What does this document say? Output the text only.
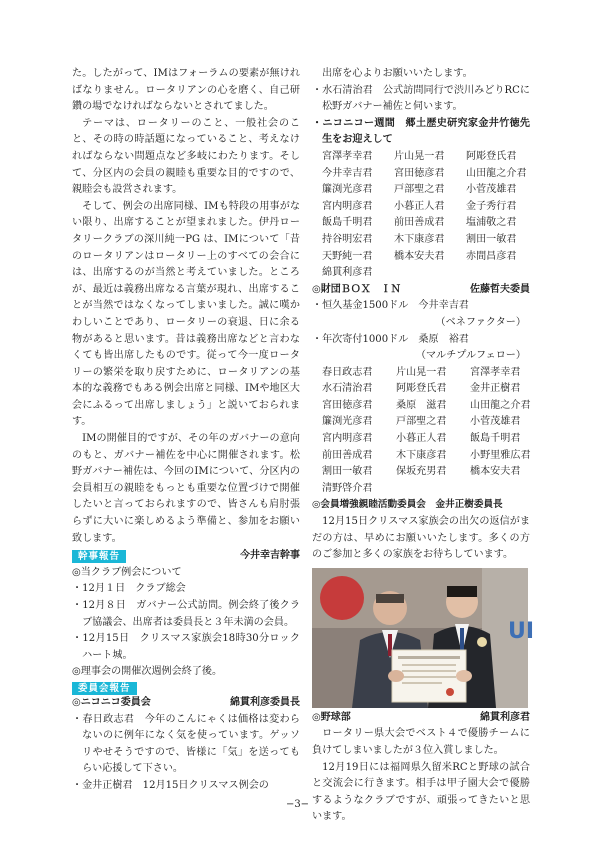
た。したがって、IMはフォーラムの要素が無ければなりません。ロータリアンの心を磨く、自己研鑽の場でなければならないとされてました。
テーマは、ロータリーのこと、一般社会のこと、その時の時話題になっていること、考えなければならない問題点など多岐にわたります。そして、分区内の会員の親睦も重要な目的ですので、親睦会も設営されます。
そして、例会の出席同様、IMも特段の用事がない限り、出席することが望まれました。伊丹ロータリークラブの深川純一PG は、IMについて「昔のロータリアンはロータリー上のすべての会合には、出席するのが当然と考えていました。ところが、最近は義務出席なる言葉が現れ、出席することが当然ではなくなってしまいました。誠に嘆かわしいことであり、ロータリーの衰退、日に余る物があると思います。昔は義務出席などと言わなくても皆出席したものです。従って今一度ロータリーの繁栄を取り戻すために、ロータリアンの基本的な義務でもある例会出席と同様、IMや地区大会にふるって出席しましょう」と説いておられます。
IMの開催目的ですが、その年のガバナーの意向のもと、ガバナー補佐を中心に開催されます。松野ガバナー補佐は、今回のIMについて、分区内の会員相互の親睦をもっとも重要な位置づけで開催したいと言っておられますので、皆さんも肩肘張らずに大いに楽しめるよう準備と、参加をお願い致します。
幹事報告	今井幸吉幹事
◎当クラブ例会について
・12月１日　クラブ総会
・12月８日　ガバナー公式訪問。例会終了後クラブ協議会、出席者は委員長と３年未満の会員。
・12月15日　クリスマス家族会18時30分ロックハート城。
◎理事会の開催次週例会終了後。
委員会報告
◎ニコニコ委員会	綿貫利彦委員長
・春日政志君　今年のこんにゃくは価格は変わらないのに例年になく気を使っています。ゲッソリやせそうですので、皆様に「気」を送ってもらい応援して下さい。
・金井正樹君　12月15日クリスマス例会の
出席を心よりお願いいたします。
・水石清治君　公式訪問同行で渋川みどりRCに松野ガバナー補佐と伺います。
・ニコニコー週間　郷土歴史研究家金井竹徳先生をお迎えして
宮澤孝幸君	片山晃一君	阿彫登氏君
今井幸吉君	宮田徳彦君	山田龍之介君
簾渕光彦君	戸部聖之君	小菅茂雄君
宮内明彦君	小暮正人君	金子秀行君
飯島千明君	前田善成君	塩浦敬之君
持谷明宏君	木下康彦君	割田一敏君
天野純一君	橋本安夫君	赤間昌彦君
綿貫利彦君
◎財団ＢＯＸ　ＩＮ	佐藤哲夫委員
・恒久基金1500ドル　今井幸吉君
（ベネファクター）
・年次寄付1000ドル　桑原　裕君
（マルチプルフェロー）
春日政志君	片山晃一君	宮澤孝幸君
水石清治君	阿彫登氏君	金井正樹君
宮田徳彦君	桑原　滋君	山田龍之介君
簾渕光彦君	戸部聖之君	小菅茂雄君
宮内明彦君	小暮正人君	飯島千明君
前田善成君	木下康彦君	小野里雅広君
割田一敏君	保坂充男君	橋本安夫君
清野啓介君
◎会員増強親睦活動委員会　金井正樹委員長
12月15日クリスマス家族会の出欠の返信がまだの方は、早めにお願いいたします。多くの方のご参加と多くの家族をお待ちしています。
UI
◎野球部	綿貫利彦君
ロータリー県大会でベスト４で優勝チームに負けてしまいましたが３位入賞しました。
12月19日には福岡県久留米RCと野球の試合と交流会に行きます。相手は甲子園大会で優勝するようなクラブですが、頑張ってきたいと思います。
−3−
